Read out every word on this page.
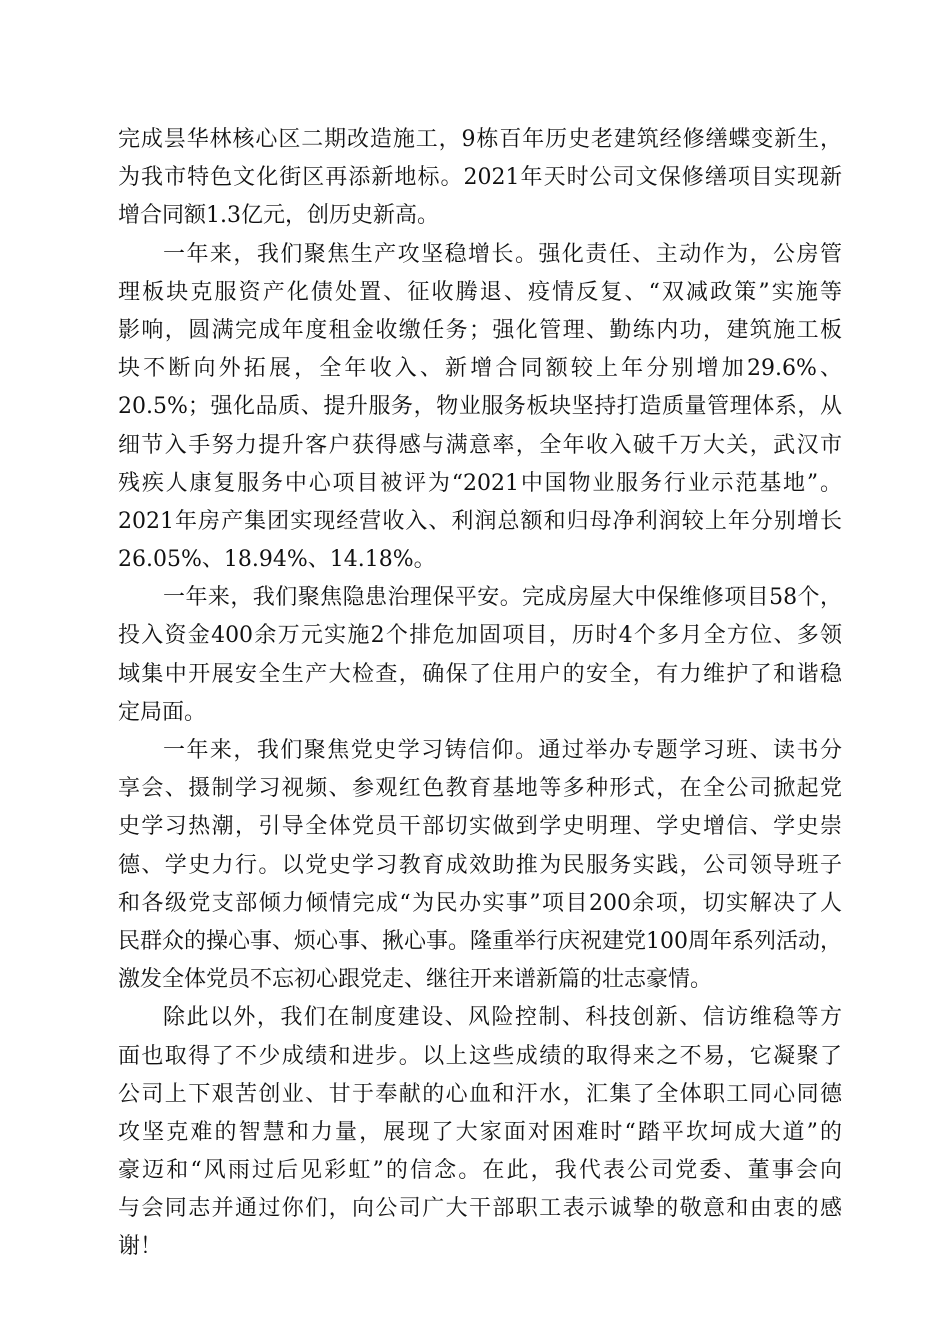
完成昙华林核心区二期改造施工，9栋百年历史老建筑经修缮蝶变新生，
为我市特色文化街区再添新地标。2021年天时公司文保修缮项目实现新
增合同额1.3亿元，创历史新高。
一年来，我们聚焦生产攻坚稳增长。强化责任、主动作为，公房管
理板块克服资产化债处置、征收腾退、疫情反复、“双减政策”实施等
影响，圆满完成年度租金收缴任务；强化管理、勤练内功，建筑施工板
块不断向外拓展，全年收入、新增合同额较上年分别增加29.6%、
20.5%；强化品质、提升服务，物业服务板块坚持打造质量管理体系，从
细节入手努力提升客户获得感与满意率，全年收入破千万大关，武汉市
残疾人康复服务中心项目被评为“2021中国物业服务行业示范基地”。
2021年房产集团实现经营收入、利润总额和归母净利润较上年分别增长
26.05%、18.94%、14.18%。
一年来，我们聚焦隐患治理保平安。完成房屋大中保维修项目58个，
投入资金400余万元实施2个排危加固项目，历时4个多月全方位、多领
域集中开展安全生产大检查，确保了住用户的安全，有力维护了和谐稳
定局面。
一年来，我们聚焦党史学习铸信仰。通过举办专题学习班、读书分
享会、摄制学习视频、参观红色教育基地等多种形式，在全公司掀起党
史学习热潮，引导全体党员干部切实做到学史明理、学史增信、学史崇
德、学史力行。以党史学习教育成效助推为民服务实践，公司领导班子
和各级党支部倾力倾情完成“为民办实事”项目200余项，切实解决了人
民群众的操心事、烦心事、揪心事。隆重举行庆祝建党100周年系列活动，
激发全体党员不忘初心跟党走、继往开来谱新篇的壮志豪情。
除此以外，我们在制度建设、风险控制、科技创新、信访维稳等方
面也取得了不少成绩和进步。以上这些成绩的取得来之不易，它凝聚了
公司上下艰苦创业、甘于奉献的心血和汗水，汇集了全体职工同心同德
攻坚克难的智慧和力量，展现了大家面对困难时“踏平坎坷成大道”的
豪迈和“风雨过后见彩虹”的信念。在此，我代表公司党委、董事会向
与会同志并通过你们，向公司广大干部职工表示诚挚的敬意和由衷的感
谢！
